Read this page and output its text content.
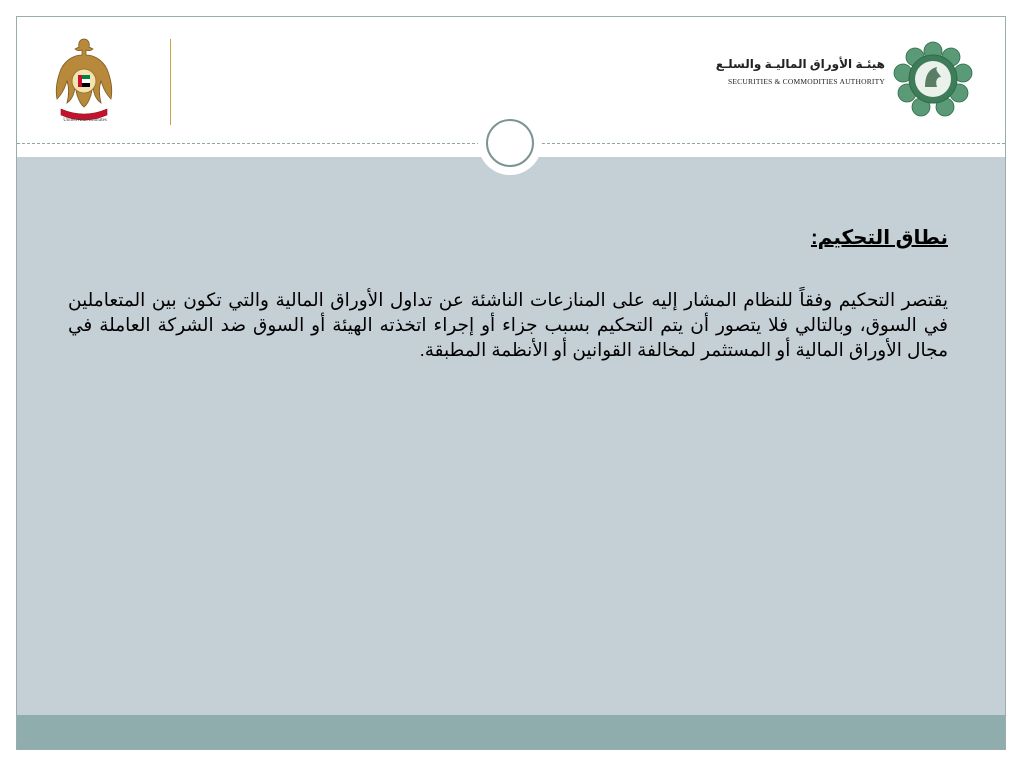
United Arab Emirates
هيئـة الأوراق الماليـة والسلـع
SECURITIES & COMMODITIES AUTHORITY
نطاق التحكيم:

يقتصر التحكيم وفقاً للنظام المشار إليه على المنازعات الناشئة عن تداول الأوراق المالية والتي تكون بين المتعاملين في السوق، وبالتالي فلا يتصور أن يتم التحكيم بسبب جزاء أو إجراء اتخذته الهيئة أو السوق ضد الشركة العاملة في مجال الأوراق المالية أو المستثمر لمخالفة القوانين أو الأنظمة المطبقة.
